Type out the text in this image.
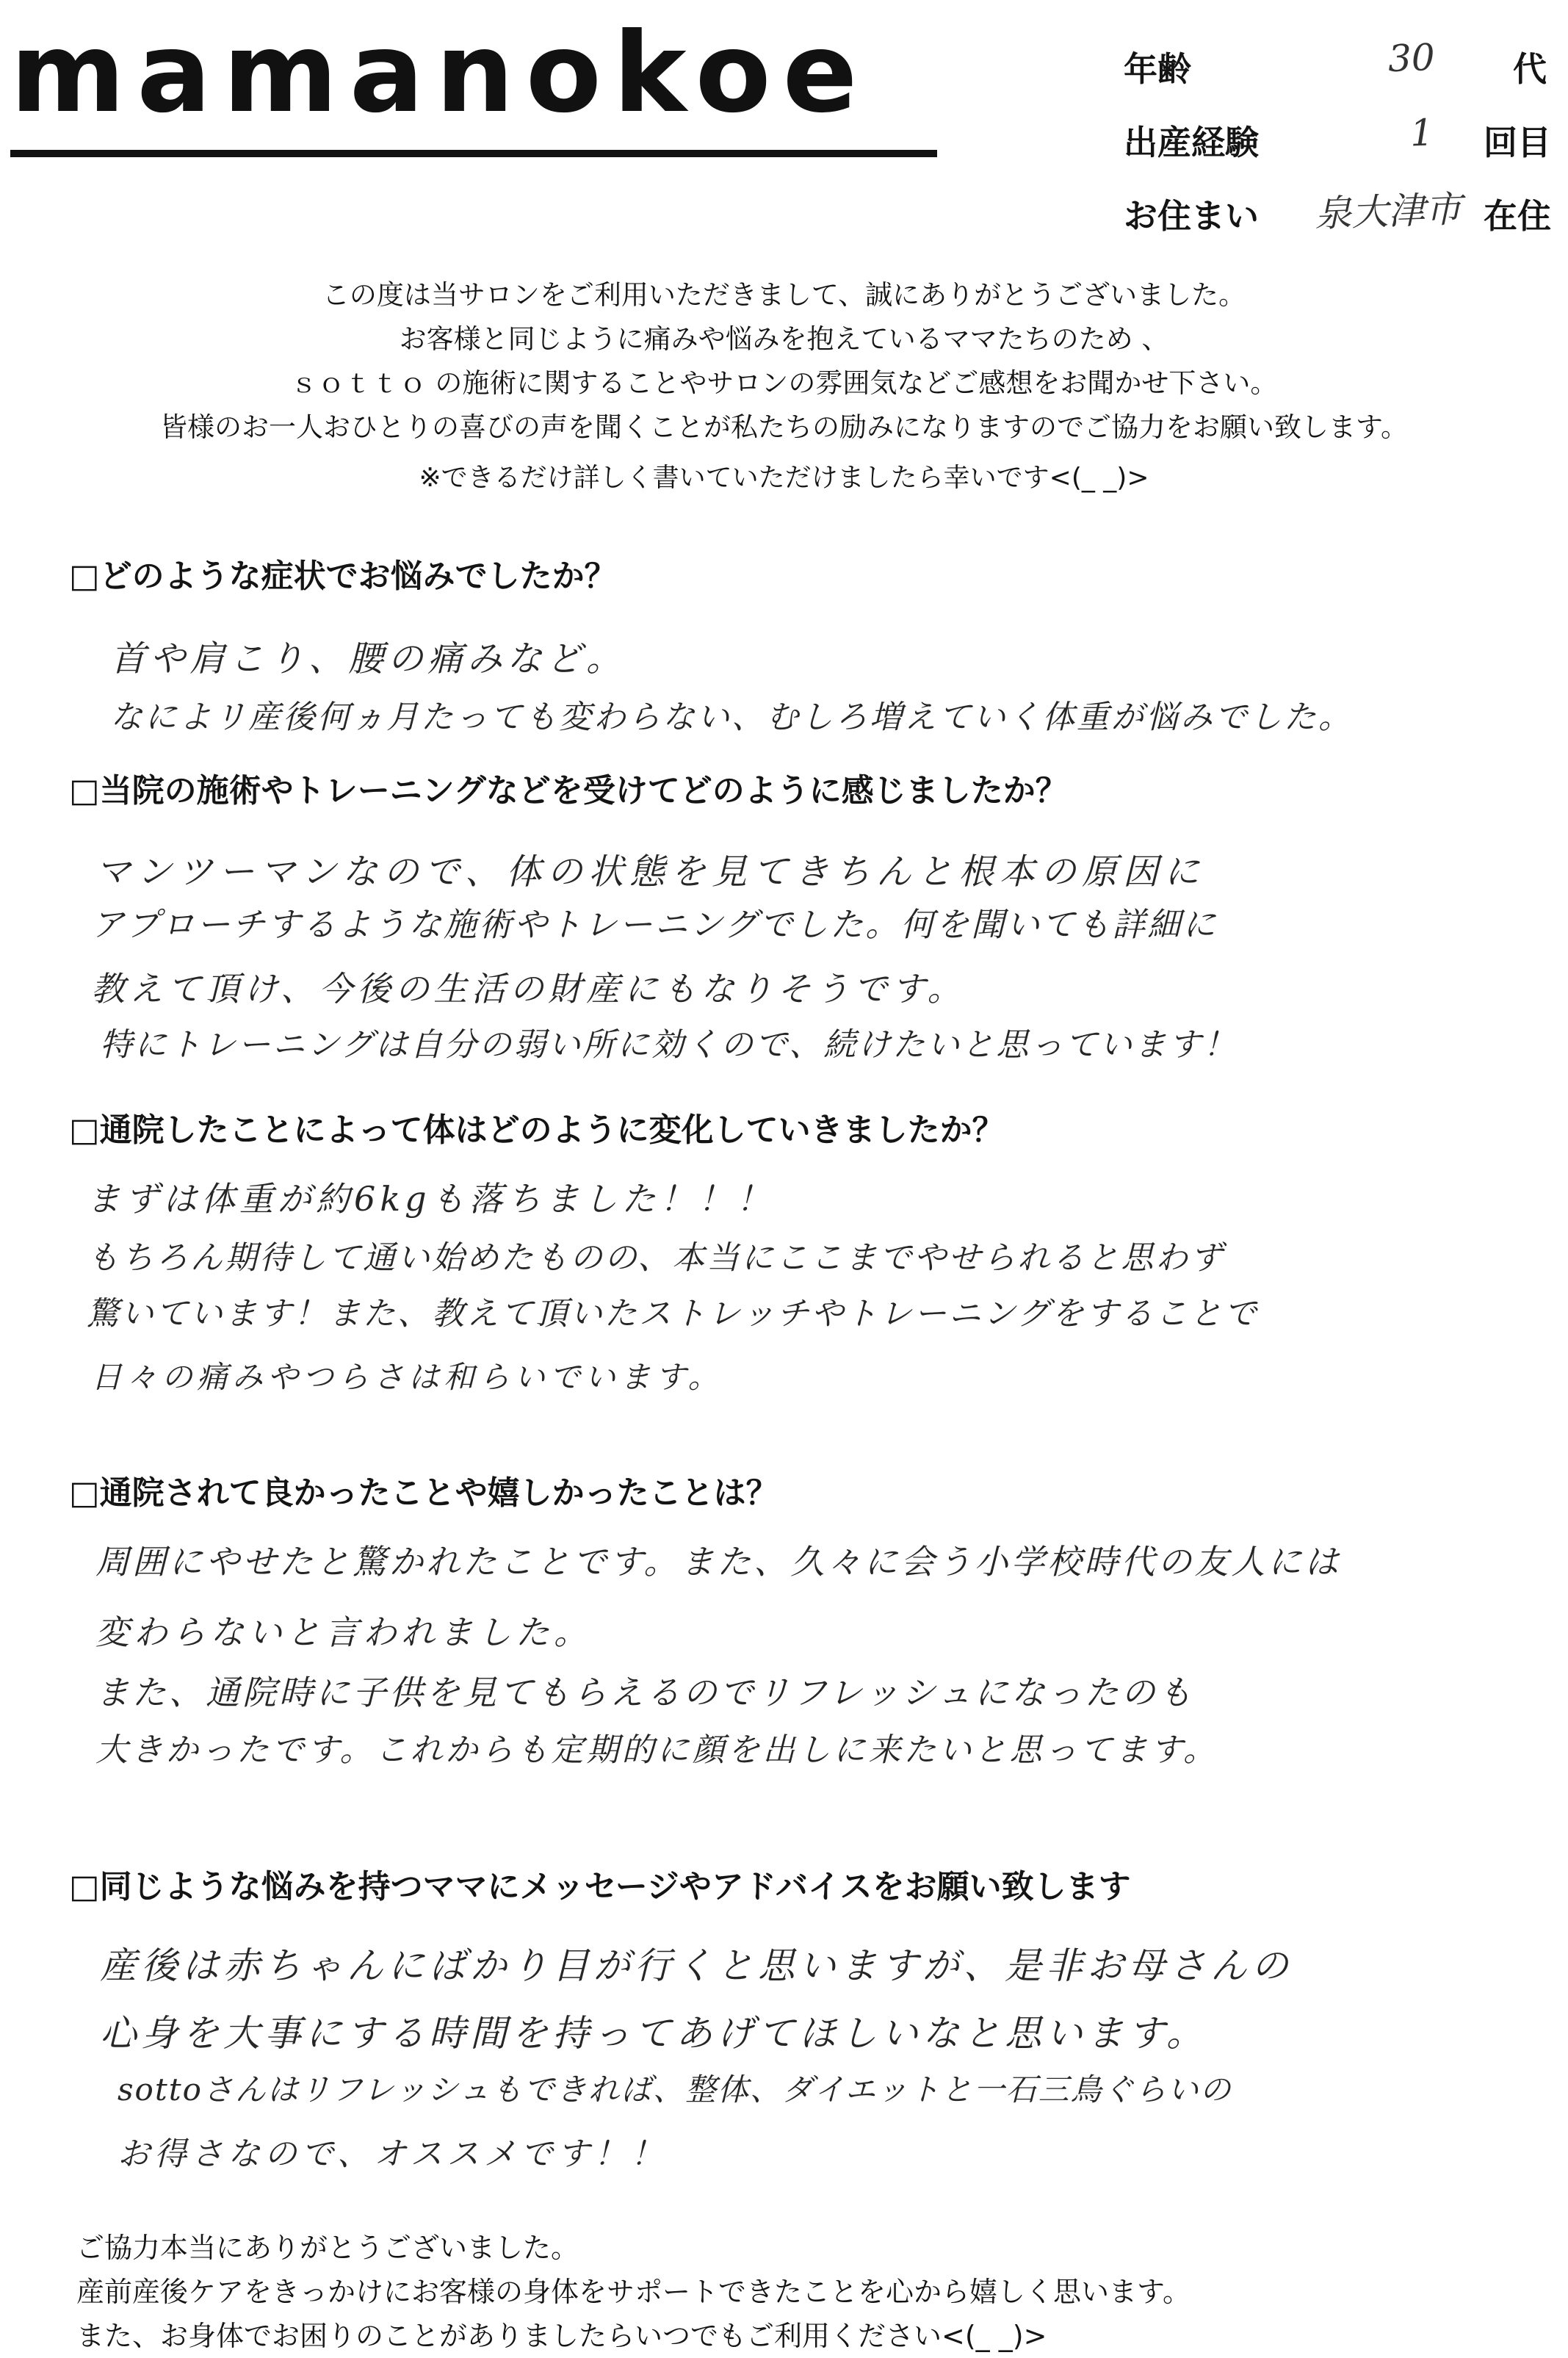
mamanokoe	年齢	30 代
出産経験	1 回目
お住まい 泉大津市 在住
この度は当サロンをご利用いただきまして、誠にありがとうございました。
お客様と同じように痛みや悩みを抱えているママたちのため 、
ｓｏｔｔｏ の施術に関することやサロンの雰囲気などご感想をお聞かせ下さい。
皆様のお一人おひとりの喜びの声を聞くことが私たちの励みになりますのでご協力をお願い致します。
※できるだけ詳しく書いていただけましたら幸いです<(_ _)>
□どのような症状でお悩みでしたか？
首や肩こり、腰の痛みなど。
なによリ産後何ヵ月たっても変わらない、むしろ増えていく体重が悩みでした。
□当院の施術やトレーニングなどを受けてどのように感じましたか？
マンツーマンなので、体の状態を見てきちんと根本の原因に
アプローチするような施術やトレーニングでした。何を聞いても詳細に
教えて頂け、今後の生活の財産にもなりそうです。
特にトレーニングは自分の弱い所に効くので、続けたいと思っています！
□通院したことによって体はどのように変化していきましたか？
まずは体重が約6kgも落ちました！！！
もちろん期待して通い始めたものの、本当にここまでやせられると思わず
驚いています！また、教えて頂いたストレッチやトレーニングをすることで
日々の痛みやつらさは和らいでいます。
□通院されて良かったことや嬉しかったことは？
周囲にやせたと驚かれたことです。また、久々に会う小学校時代の友人には
変わらないと言われました。
また、通院時に子供を見てもらえるのでリフレッシュになったのも
大きかったです。これからも定期的に顔を出しに来たいと思ってます。
□同じような悩みを持つママにメッセージやアドバイスをお願い致します
産後は赤ちゃんにばかり目が行くと思いますが、是非お母さんの
心身を大事にする時間を持ってあげてほしいなと思います。
sottoさんはリフレッシュもできれば、整体、ダイエットと一石三鳥ぐらいの
お得さなので、オススメです！！
ご協力本当にありがとうございました。
産前産後ケアをきっかけにお客様の身体をサポートできたことを心から嬉しく思います。
また、お身体でお困りのことがありましたらいつでもご利用ください<(_ _)>
